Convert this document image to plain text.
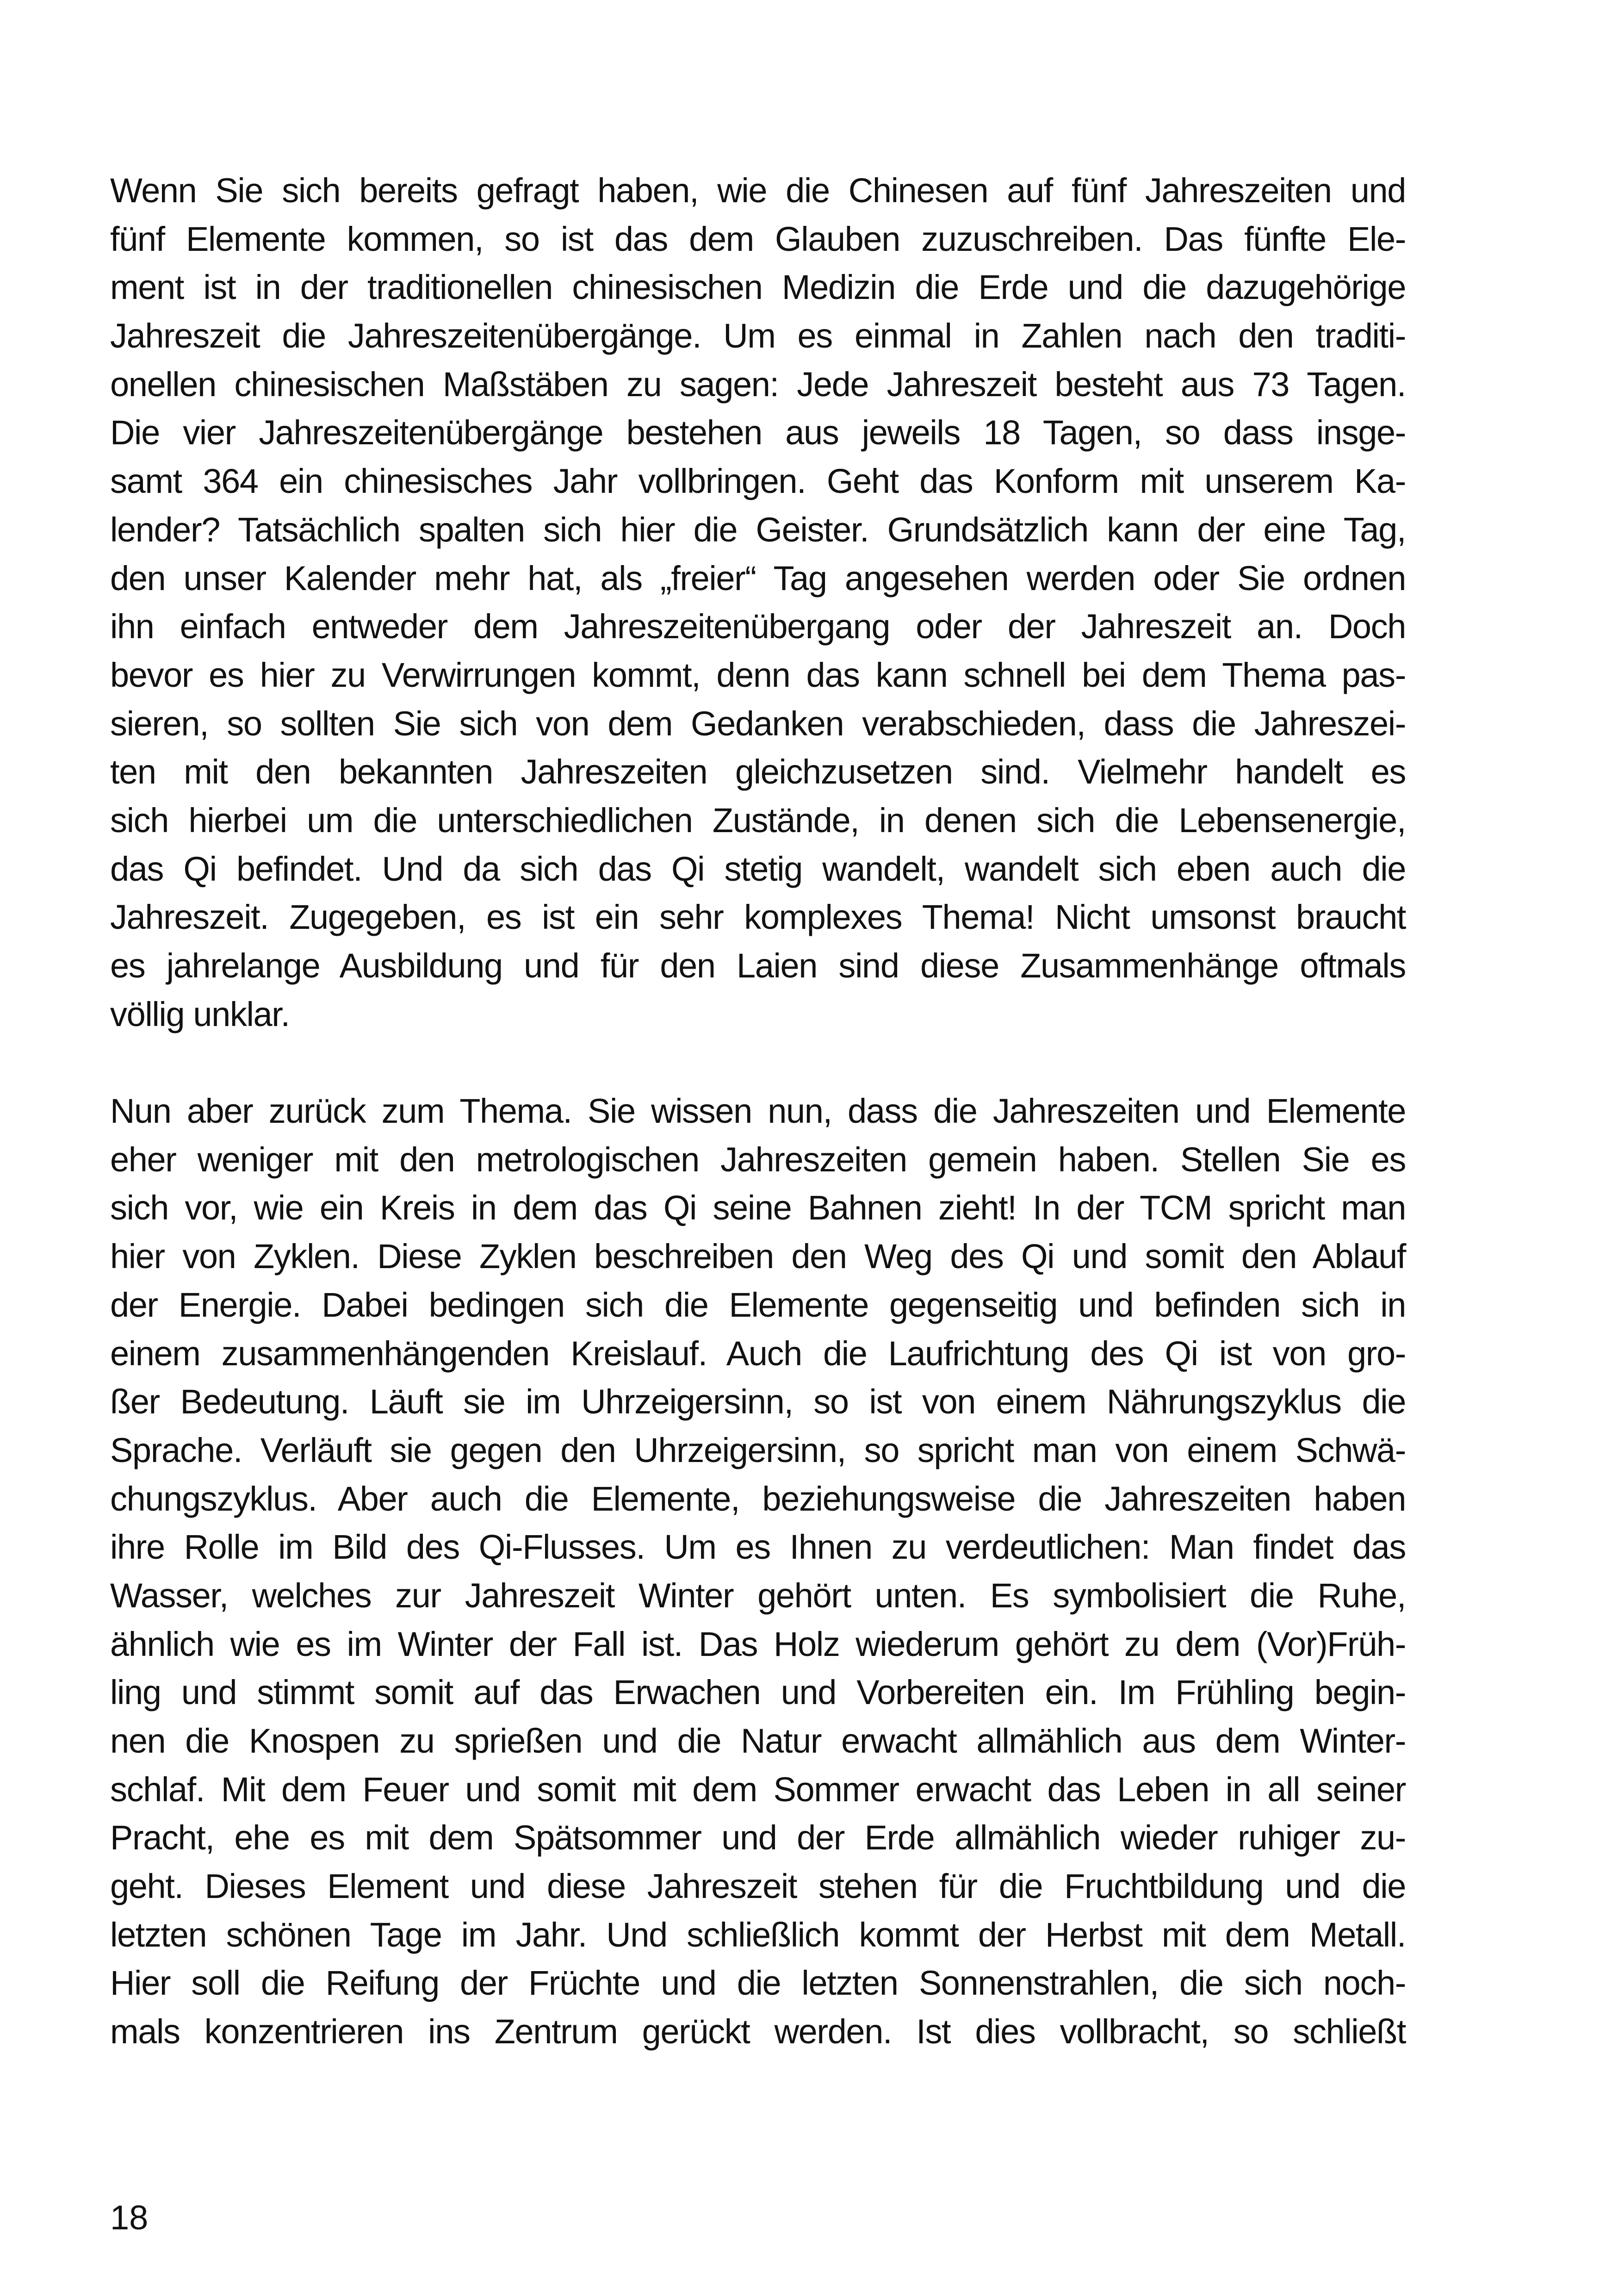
Wenn Sie sich bereits gefragt haben, wie die Chinesen auf fünf Jahreszeiten und
fünf Elemente kommen, so ist das dem Glauben zuzuschreiben. Das fünfte Ele-
ment ist in der traditionellen chinesischen Medizin die Erde und die dazugehörige
Jahreszeit die Jahreszeitenübergänge. Um es einmal in Zahlen nach den traditi-
onellen chinesischen Maßstäben zu sagen: Jede Jahreszeit besteht aus 73 Tagen.
Die vier Jahreszeitenübergänge bestehen aus jeweils 18 Tagen, so dass insge-
samt 364 ein chinesisches Jahr vollbringen. Geht das Konform mit unserem Ka-
lender? Tatsächlich spalten sich hier die Geister. Grundsätzlich kann der eine Tag,
den unser Kalender mehr hat, als „freier“ Tag angesehen werden oder Sie ordnen
ihn einfach entweder dem Jahreszeitenübergang oder der Jahreszeit an. Doch
bevor es hier zu Verwirrungen kommt, denn das kann schnell bei dem Thema pas-
sieren, so sollten Sie sich von dem Gedanken verabschieden, dass die Jahreszei-
ten mit den bekannten Jahreszeiten gleichzusetzen sind. Vielmehr handelt es
sich hierbei um die unterschiedlichen Zustände, in denen sich die Lebensenergie,
das Qi befindet. Und da sich das Qi stetig wandelt, wandelt sich eben auch die
Jahreszeit. Zugegeben, es ist ein sehr komplexes Thema! Nicht umsonst braucht
es jahrelange Ausbildung und für den Laien sind diese Zusammenhänge oftmals
völlig unklar.
Nun aber zurück zum Thema. Sie wissen nun, dass die Jahreszeiten und Elemente
eher weniger mit den metrologischen Jahreszeiten gemein haben. Stellen Sie es
sich vor, wie ein Kreis in dem das Qi seine Bahnen zieht! In der TCM spricht man
hier von Zyklen. Diese Zyklen beschreiben den Weg des Qi und somit den Ablauf
der Energie. Dabei bedingen sich die Elemente gegenseitig und befinden sich in
einem zusammenhängenden Kreislauf. Auch die Laufrichtung des Qi ist von gro-
ßer Bedeutung. Läuft sie im Uhrzeigersinn, so ist von einem Nährungszyklus die
Sprache. Verläuft sie gegen den Uhrzeigersinn, so spricht man von einem Schwä-
chungszyklus. Aber auch die Elemente, beziehungsweise die Jahreszeiten haben
ihre Rolle im Bild des Qi-Flusses. Um es Ihnen zu verdeutlichen: Man findet das
Wasser, welches zur Jahreszeit Winter gehört unten. Es symbolisiert die Ruhe,
ähnlich wie es im Winter der Fall ist. Das Holz wiederum gehört zu dem (Vor)Früh-
ling und stimmt somit auf das Erwachen und Vorbereiten ein. Im Frühling begin-
nen die Knospen zu sprießen und die Natur erwacht allmählich aus dem Winter-
schlaf. Mit dem Feuer und somit mit dem Sommer erwacht das Leben in all seiner
Pracht, ehe es mit dem Spätsommer und der Erde allmählich wieder ruhiger zu-
geht. Dieses Element und diese Jahreszeit stehen für die Fruchtbildung und die
letzten schönen Tage im Jahr. Und schließlich kommt der Herbst mit dem Metall.
Hier soll die Reifung der Früchte und die letzten Sonnenstrahlen, die sich noch-
mals konzentrieren ins Zentrum gerückt werden. Ist dies vollbracht, so schließt
18
